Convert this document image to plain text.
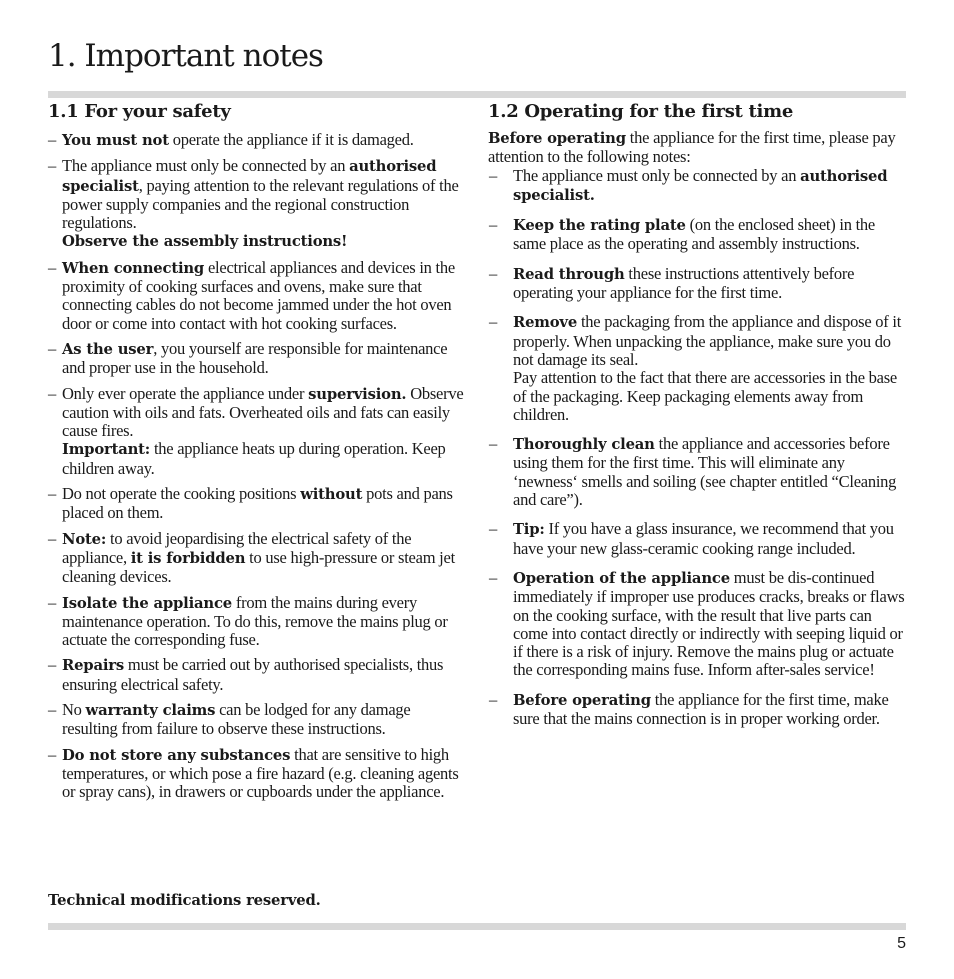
1. Important notes
1.1 For your safety
– You must not operate the appliance if it is damaged.
– The appliance must only be connected by an authorised specialist, paying attention to the relevant regulations of the power supply companies and the regional construction regulations.
Observe the assembly instructions!
– When connecting electrical appliances and devices in the proximity of cooking surfaces and ovens, make sure that connecting cables do not become jammed under the hot oven door or come into contact with hot cooking surfaces.
– As the user, you yourself are responsible for maintenance and proper use in the household.
– Only ever operate the appliance under supervision. Observe caution with oils and fats. Overheated oils and fats can easily cause fires.
Important: the appliance heats up during operation. Keep children away.
– Do not operate the cooking positions without pots and pans placed on them.
– Note: to avoid jeopardising the electrical safety of the appliance, it is forbidden to use high-pressure or steam jet cleaning devices.
– Isolate the appliance from the mains during every maintenance operation. To do this, remove the mains plug or actuate the corresponding fuse.
– Repairs must be carried out by authorised specialists, thus ensuring electrical safety.
– No warranty claims can be lodged for any damage resulting from failure to observe these instructions.
– Do not store any substances that are sensitive to high temperatures, or which pose a fire hazard (e.g. cleaning agents or spray cans), in drawers or cupboards under the appliance.
Technical modifications reserved.
1.2 Operating for the first time

Before operating the appliance for the first time, please pay attention to the following notes:

– The appliance must only be connected by an authorised specialist.
– Keep the rating plate (on the enclosed sheet) in the same place as the operating and assembly instructions.
– Read through these instructions attentively before operating your appliance for the first time.
– Remove the packaging from the appliance and dispose of it properly. When unpacking the appliance, make sure you do not damage its seal.
Pay attention to the fact that there are accessories in the base of the packaging. Keep packaging elements away from children.
– Thoroughly clean the appliance and accessories before using them for the first time. This will eliminate any ‘newness‘ smells and soiling (see chapter entitled “Cleaning and care”).
– Tip: If you have a glass insurance, we recommend that you have your new glass-ceramic cooking range included.
– Operation of the appliance must be dis-continued immediately if improper use produces cracks, breaks or flaws on the cooking surface, with the result that live parts can come into contact directly or indirectly with seeping liquid or if there is a risk of injury. Remove the mains plug or actuate the corresponding mains fuse. Inform after-sales service!
– Before operating the appliance for the first time, make sure that the mains connection is in proper working order.
5
